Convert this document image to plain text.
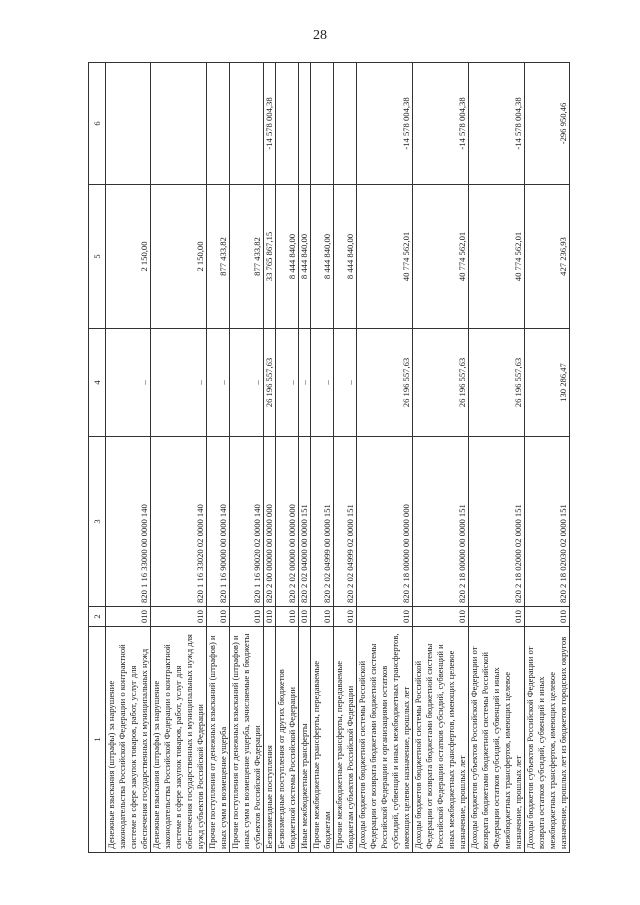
28
1	2	3	4	5	6
Денежные взыскания (штрафы) за нарушение законодательства Российской Федерации о контрактной системе в сфере закупок товаров, работ, услуг для обеспечения государственных и муниципальных нужд	010	820 1 16 33000 00 0000 140	–	2 150,00	
Денежные взыскания (штрафы) за нарушение законодательства Российской Федерации о контрактной системе в сфере закупок товаров, работ, услуг для обеспечения государственных и муниципальных нужд для нужд субъектов Российской Федерации	010	820 1 16 33020 02 0000 140	–	2 150,00	
Прочие поступления от денежных взысканий (штрафов) и иных сумм в возмещение ущерба	010	820 1 16 90000 00 0000 140	–	877 433,82	
Прочие поступления от денежных взысканий (штрафов) и иных сумм в возмещение ущерба, зачисляемые в бюджеты субъектов Российской Федерации	010	820 1 16 90020 02 0000 140	–	877 433,82	
Безвозмездные поступления	010	820 2 00 00000 00 0000 000	26 196 557,63	33 765 867,15	-14 578 004,38
Безвозмездные поступления от других бюджетов бюджетной системы Российской Федерации	010	820 2 02 00000 00 0000 000	–	8 444 840,00	
Иные межбюджетные трансферты	010	820 2 02 04000 00 0000 151	–	8 444 840,00	
Прочие межбюджетные трансферты, передаваемые бюджетам	010	820 2 02 04999 00 0000 151	–	8 444 840,00	
Прочие межбюджетные трансферты, передаваемые бюджетам субъектов Российской Федерации	010	820 2 02 04999 02 0000 151	–	8 444 840,00	
Доходы бюджетов бюджетной системы Российской Федерации от возврата бюджетами бюджетной системы Российской Федерации и организациями остатков субсидий, субвенций и иных межбюджетных трансфертов, имеющих целевое назначение, прошлых лет	010	820 2 18 00000 00 0000 000	26 196 557,63	40 774 562,01	-14 578 004,38
Доходы бюджетов бюджетной системы Российской Федерации от возврата бюджетами бюджетной системы Российской Федерации остатков субсидий, субвенций и иных межбюджетных трансфертов, имеющих целевое назначение, прошлых лет	010	820 2 18 00000 00 0000 151	26 196 557,63	40 774 562,01	-14 578 004,38
Доходы бюджетов субъектов Российской Федерации от возврата бюджетами бюджетной системы Российской Федерации остатков субсидий, субвенций и иных межбюджетных трансфертов, имеющих целевое назначение, прошлых лет	010	820 2 18 02000 02 0000 151	26 196 557,63	40 774 562,01	-14 578 004,38
Доходы бюджетов субъектов Российской Федерации от возврата остатков субсидий, субвенций и иных межбюджетных трансфертов, имеющих целевое назначение, прошлых лет из бюджетов городских округов	010	820 2 18 02030 02 0000 151	130 286,47	427 236,93	-296 950,46
